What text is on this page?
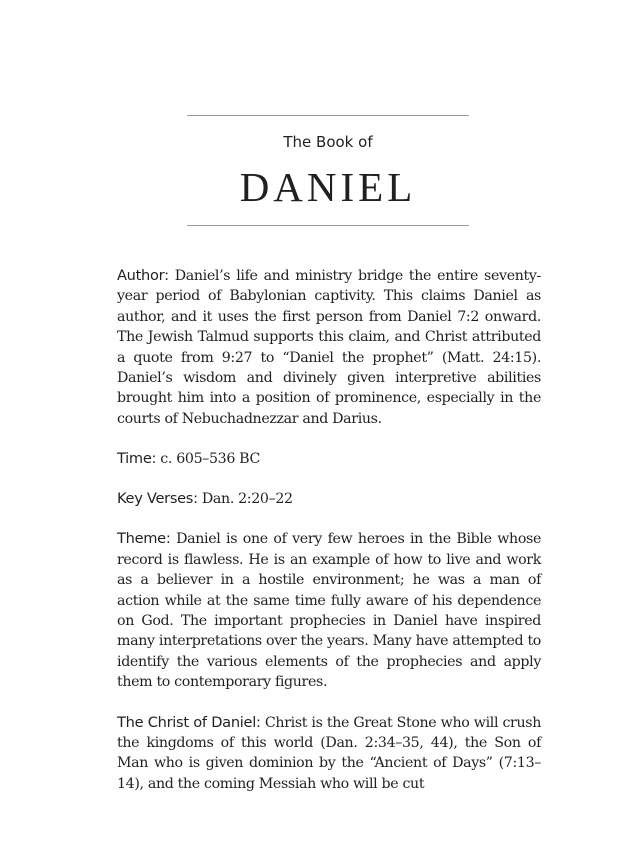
The Book of
DANIEL

Author: Daniel’s life and ministry bridge the entire seventy-year period of Babylonian captivity. This claims Daniel as author, and it uses the first person from Daniel 7:2 onward. The Jewish Talmud supports this claim, and Christ attributed a quote from 9:27 to “Daniel the prophet” (Matt. 24:15). Daniel’s wisdom and divinely given interpretive abilities brought him into a position of prominence, especially in the courts of Nebuchadnezzar and Darius.

Time: c. 605–536 BC

Key Verses: Dan. 2:20–22

Theme: Daniel is one of very few heroes in the Bible whose record is flawless. He is an example of how to live and work as a believer in a hostile environment; he was a man of action while at the same time fully aware of his dependence on God. The important prophecies in Daniel have inspired many interpretations over the years. Many have attempted to identify the various elements of the prophecies and apply them to contemporary figures.

The Christ of Daniel: Christ is the Great Stone who will crush the kingdoms of this world (Dan. 2:34–35, 44), the Son of Man who is given dominion by the “Ancient of Days” (7:13–14), and the coming Messiah who will be cut
